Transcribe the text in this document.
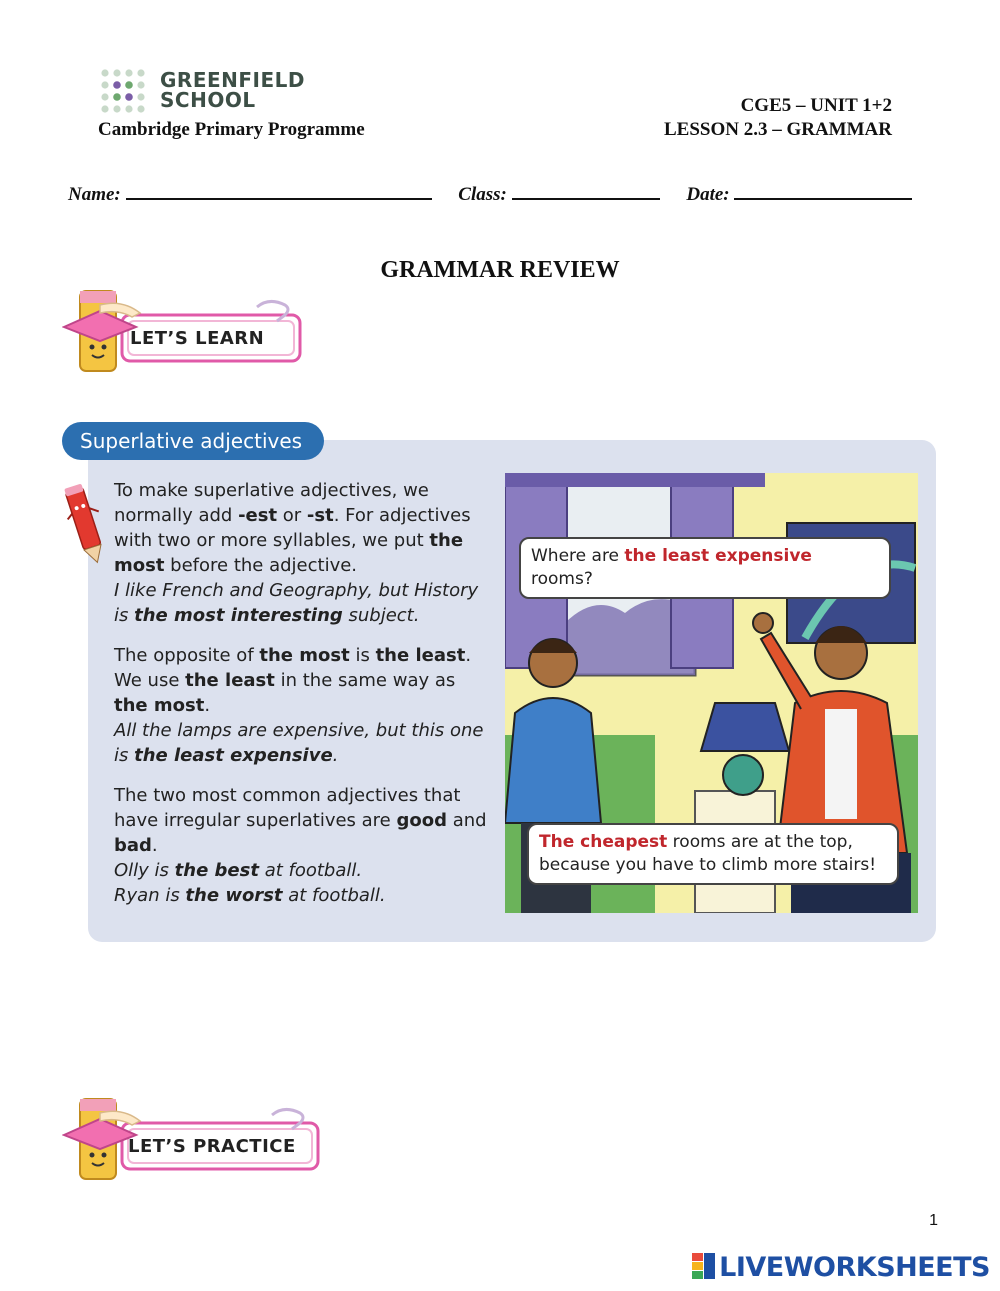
GREENFIELD
SCHOOL
Cambridge Primary Programme
CGE5 – UNIT 1+2
LESSON 2.3 – GRAMMAR
Name:	Class:	Date:
GRAMMAR REVIEW
LET’S LEARN
Superlative adjectives

To make superlative adjectives, we normally add -est or -st. For adjectives with two or more syllables, we put the most before the adjective.

I like French and Geography, but History is the most interesting subject.

The opposite of the most is the least. We use the least in the same way as the most.

All the lamps are expensive, but this one is the least expensive.

The two most common adjectives that have irregular superlatives are good and bad.

Olly is the best at football.

Ryan is the worst at football.

Where are the least expensive rooms?
The cheapest rooms are at the top, because you have to climb more stairs!
LET’S PRACTICE
1
LIVEWORKSHEETS
